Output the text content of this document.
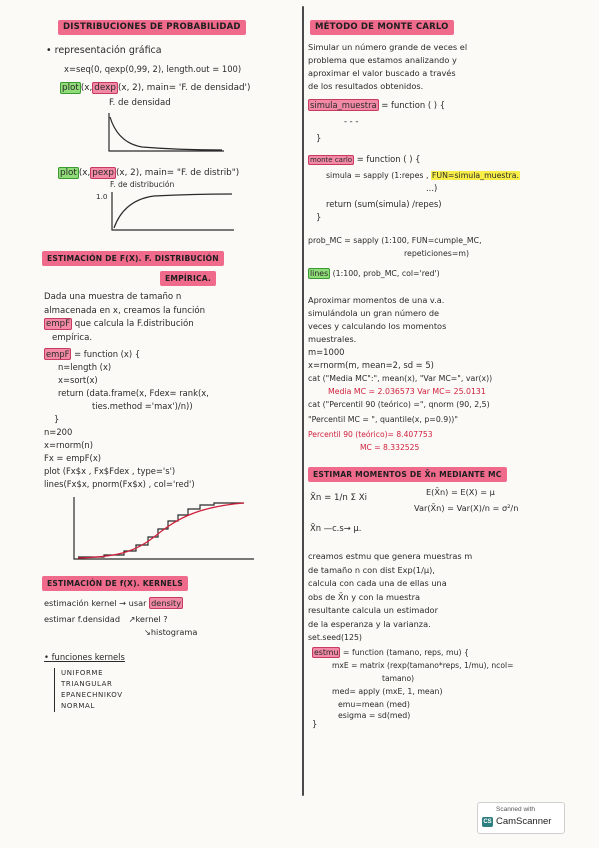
DISTRIBUCIONES DE PROBABILIDAD
• representación gráfica
x=seq(0, qexp(0,99, 2), length.out = 100)
plot (x, dexp (x, 2), main= 'F. de densidad')
F. de densidad
plot (x, pexp (x, 2), main= "F. de distrib")
F. de distribución
1.0
ESTIMACIÓN DE F(X). F. DISTRIBUCIÓN
EMPÍRICA.
Dada una muestra de tamaño n
almacenada en x, creamos la función
empF que calcula la F.distribución
empírica.
empF = function (x) {
n=length (x)
x=sort(x)
return (data.frame(x, Fdex= rank(x,
ties.method ='max')/n))
}
n=200
x=rnorm(n)
Fx = empF(x)
plot (Fx$x , Fx$Fdex , type='s')
lines(Fx$x, pnorm(Fx$x) , col='red')
ESTIMACIÓN DE f(X). KERNELS
estimación kernel → usar density
estimar f.densidad ↗kernel ?
↘histograma
• funciones kernels
UNIFORME
TRIANGULAR
EPANECHNIKOV
NORMAL
MÉTODO DE MONTE CARLO
Simular un número grande de veces el
problema que estamos analizando y
aproximar el valor buscado a través
de los resultados obtenidos.
simula_muestra = function ( ) {
- - -
}
monte carlo = function ( ) {
simula = sapply (1:repes , FUN=simula_muestra.
...)
return (sum(simula) /repes)
}
prob_MC = sapply (1:100, FUN=cumple_MC,
repeticiones=m)
lines (1:100, prob_MC, col='red')
Aproximar momentos de una v.a.
simulándola un gran número de
veces y calculando los momentos
muestrales.
m=1000
x=rnorm(m, mean=2, sd = 5)
cat ("Media MC":", mean(x), "Var MC=", var(x))
Media MC = 2.036573 Var MC= 25.0131
cat ("Percentil 90 (teórico) =", qnorm (90, 2,5)
"Percentil MC = ", quantile(x, p=0.9))"
Percentil 90 (teórico)= 8.407753
MC = 8.332525
ESTIMAR MOMENTOS DE X̄n MEDIANTE MC
X̄n = 1/n Σ Xi
E(X̄n) = E(X) = μ
Var(X̄n) = Var(X)/n = σ²/n
X̄n —c.s→ μ.
creamos estmu que genera muestras m
de tamaño n con dist Exp(1/μ),
calcula con cada una de ellas una
obs de X̄n y con la muestra
resultante calcula un estimador
de la esperanza y la varianza.
set.seed(125)
estmu = function (tamano, reps, mu) {
mxE = matrix (rexp(tamano*reps, 1/mu), ncol=
tamano)
med= apply (mxE, 1, mean)
emu=mean (med)
esigma = sd(med)
}
Scanned with
CS CamScanner
